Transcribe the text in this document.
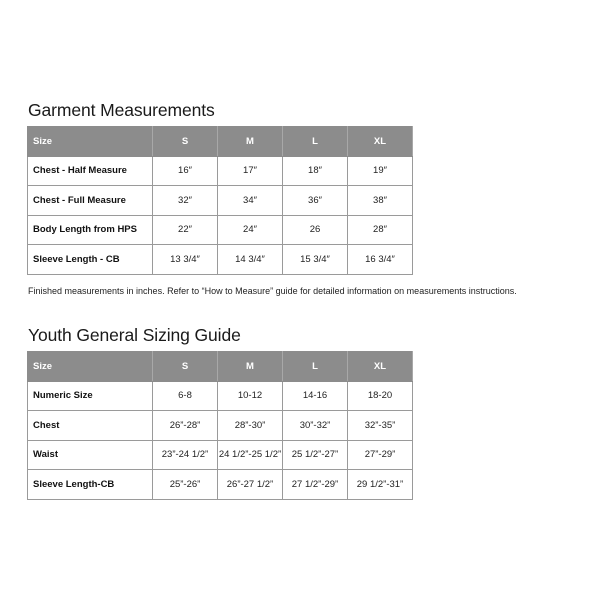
Garment Measurements
Size	S	M	L	XL
Chest - Half Measure	16″	17″	18″	19″
Chest - Full Measure	32″	34″	36″	38″
Body Length from HPS	22″	24″	26	28″
Sleeve Length - CB	13 3/4″	14 3/4″	15 3/4″	16 3/4″

Finished measurements in inches. Refer to “How to Measure” guide for detailed information on measurements instructions.

Youth General Sizing Guide
Size	S	M	L	XL
Numeric Size	6-8	10-12	14-16	18-20
Chest	26”-28”	28”-30”	30”-32”	32”-35”
Waist	23”-24 1/2”	24 1/2”-25 1/2”	25 1/2”-27”	27”-29”
Sleeve Length-CB	25”-26”	26”-27 1/2”	27 1/2”-29”	29 1/2”-31”
